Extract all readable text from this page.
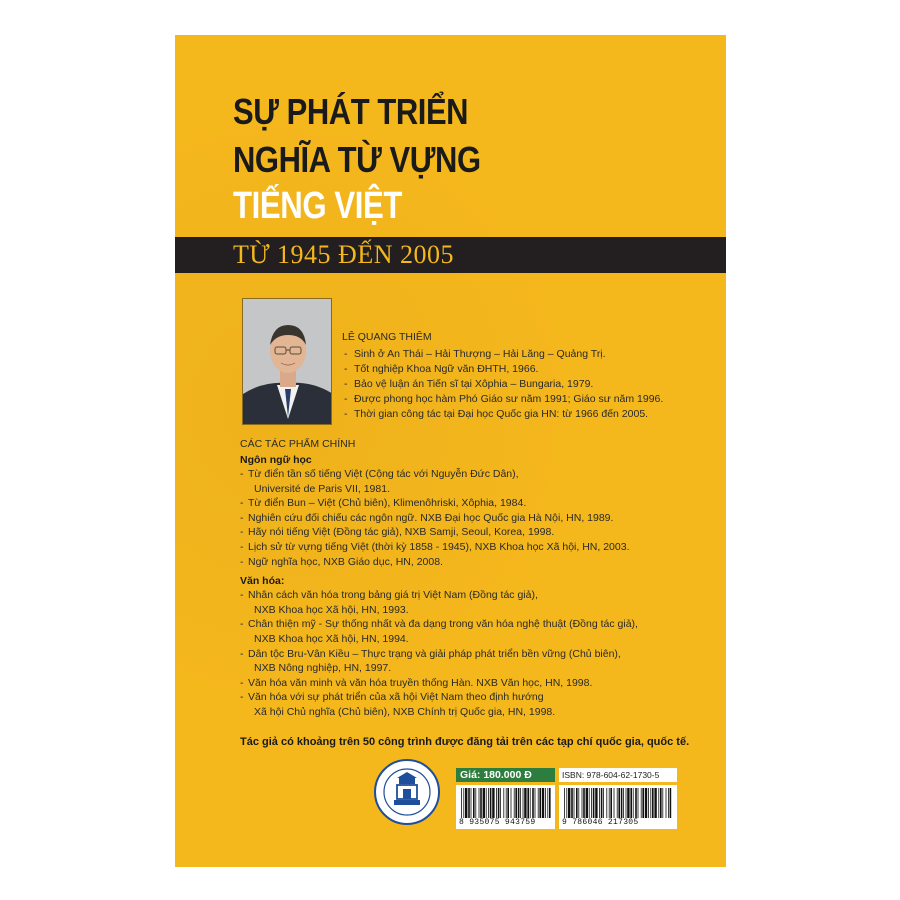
SỰ PHÁT TRIỂN
NGHĨA TỪ VỰNG
TIẾNG VIỆT
TỪ 1945 ĐẾN 2005
LÊ QUANG THIÊM
- Sinh ở An Thái – Hải Thượng – Hải Lăng – Quảng Trị.
- Tốt nghiệp Khoa Ngữ văn ĐHTH, 1966.
- Bảo vệ luận án Tiến sĩ tại Xôphia – Bungaria, 1979.
- Được phong học hàm Phó Giáo sư năm 1991; Giáo sư năm 1996.
- Thời gian công tác tại Đại học Quốc gia HN: từ 1966 đến 2005.
CÁC TÁC PHẨM CHÍNH
Ngôn ngữ học
- Từ điển tần số tiếng Việt (Cộng tác với Nguyễn Đức Dân),
Université de Paris VII, 1981.
- Từ điển Bun – Việt (Chủ biên), Klimenôhriski, Xôphia, 1984.
- Nghiên cứu đối chiếu các ngôn ngữ. NXB Đại học Quốc gia Hà Nội, HN, 1989.
- Hãy nói tiếng Việt (Đồng tác giả), NXB Samji, Seoul, Korea, 1998.
- Lịch sử từ vựng tiếng Việt (thời kỳ 1858 - 1945), NXB Khoa học Xã hội, HN, 2003.
- Ngữ nghĩa học, NXB Giáo dục, HN, 2008.
Văn hóa:
- Nhân cách văn hóa trong bảng giá trị Việt Nam (Đồng tác giả),
NXB Khoa học Xã hội, HN, 1993.
- Chân thiện mỹ - Sự thống nhất và đa dạng trong văn hóa nghệ thuật (Đồng tác giả),
NXB Khoa học Xã hội, HN, 1994.
- Dân tộc Bru-Vân Kiều – Thực trạng và giải pháp phát triển bền vững (Chủ biên),
NXB Nông nghiệp, HN, 1997.
- Văn hóa văn minh và văn hóa truyền thống Hàn. NXB Văn học, HN, 1998.
- Văn hóa với sự phát triển của xã hội Việt Nam theo định hướng
Xã hội Chủ nghĩa (Chủ biên), NXB Chính trị Quốc gia, HN, 1998.
Tác giả có khoảng trên 50 công trình được đăng tải trên các tạp chí quốc gia, quốc tế.
Giá: 180.000 Đ
8 935075 943759
ISBN: 978-604-62-1730-5
9 786046 217305
